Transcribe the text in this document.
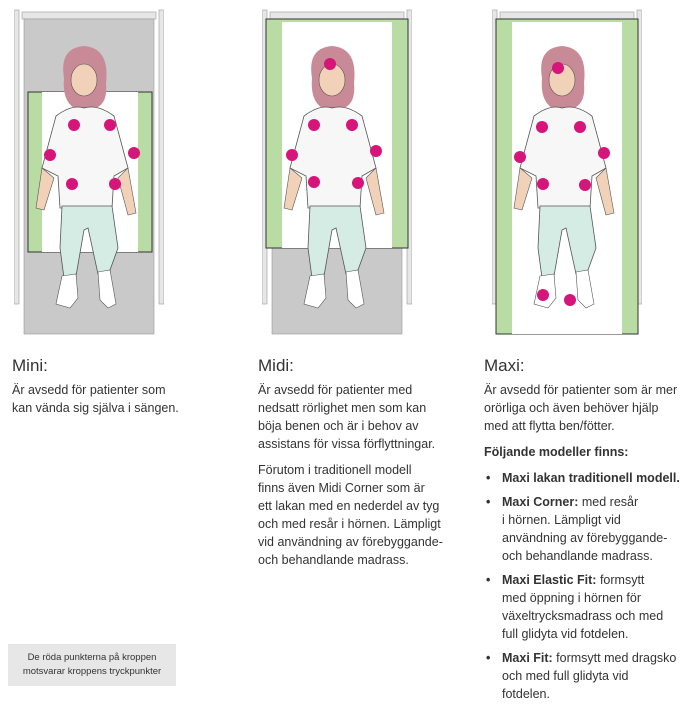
Mini:
Är avsedd för patienter som
kan vända sig själva i sängen.
Midi:

Är avsedd för patienter med
nedsatt rörlighet men som kan
böja benen och är i behov av
assistans för vissa förflyttningar.

Förutom i traditionell modell
finns även Midi Corner som är
ett lakan med en nederdel av tyg
och med resår i hörnen. Lämpligt
vid användning av förebyggande-
och behandlande madrass.

Maxi:

Är avsedd för patienter som är mer
orörliga och även behöver hjälp
med att flytta ben/fötter.

Följande modeller finns:

• Maxi lakan traditionell modell.
• Maxi Corner: med resår
i hörnen. Lämpligt vid
användning av förebyggande-
och behandlande madrass.
• Maxi Elastic Fit: formsytt
med öppning i hörnen för
växeltrycksmadrass och med
full glidyta vid fotdelen.
• Maxi Fit: formsytt med dragsko
och med full glidyta vid
fotdelen.
De röda punkterna på kroppen
motsvarar kroppens tryckpunkter
